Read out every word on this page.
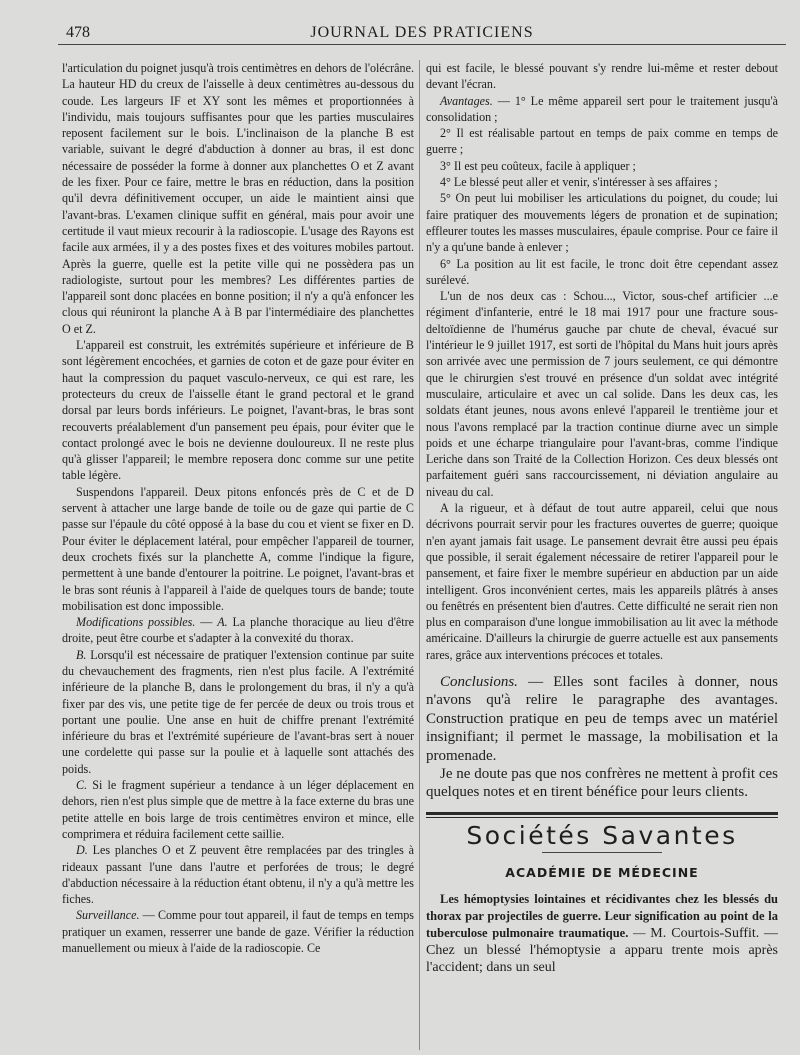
478	JOURNAL DES PRATICIENS

l'articulation du poignet jusqu'à trois centimètres en dehors de l'olécrâne. La hauteur HD du creux de l'aisselle à deux centimètres au-dessous du coude. Les largeurs IF et XY sont les mêmes et proportionnées à l'individu, mais toujours suffisantes pour que les parties musculaires reposent facilement sur le bois. L'inclinaison de la planche B est variable, suivant le degré d'abduction à donner au bras, il est donc nécessaire de posséder la forme à donner aux planchettes O et Z avant de les fixer. Pour ce faire, mettre le bras en réduction, dans la position qu'il devra définitivement occuper, un aide le maintient ainsi que l'avant-bras. L'examen clinique suffit en général, mais pour avoir une certitude il vaut mieux recourir à la radioscopie. L'usage des Rayons est facile aux armées, il y a des postes fixes et des voitures mobiles partout. Après la guerre, quelle est la petite ville qui ne possèdera pas un radiologiste, surtout pour les membres? Les différentes parties de l'appareil sont donc placées en bonne position; il n'y a qu'à enfoncer les clous qui réuniront la planche A à B par l'intermédiaire des planchettes O et Z.

L'appareil est construit, les extrémités supérieure et inférieure de B sont légèrement encochées, et garnies de coton et de gaze pour éviter en haut la compression du paquet vasculo-nerveux, ce qui est rare, les protecteurs du creux de l'aisselle étant le grand pectoral et le grand dorsal par leurs bords inférieurs. Le poignet, l'avant-bras, le bras sont recouverts préalablement d'un pansement peu épais, pour éviter que le contact prolongé avec le bois ne devienne douloureux. Il ne reste plus qu'à glisser l'appareil; le membre reposera donc comme sur une petite table légère.

Suspendons l'appareil. Deux pitons enfoncés près de C et de D servent à attacher une large bande de toile ou de gaze qui partie de C passe sur l'épaule du côté opposé à la base du cou et vient se fixer en D. Pour éviter le déplacement latéral, pour empêcher l'appareil de tourner, deux crochets fixés sur la planchette A, comme l'indique la figure, permettent à une bande d'entourer la poitrine. Le poignet, l'avant-bras et le bras sont réunis à l'appareil à l'aide de quelques tours de bande; toute mobilisation est donc impossible.

Modifications possibles. — A. La planche thoracique au lieu d'être droite, peut être courbe et s'adapter à la convexité du thorax.

B. Lorsqu'il est nécessaire de pratiquer l'extension continue par suite du chevauchement des fragments, rien n'est plus facile. A l'extrémité inférieure de la planche B, dans le prolongement du bras, il n'y a qu'à fixer par des vis, une petite tige de fer percée de deux ou trois trous et portant une poulie. Une anse en huit de chiffre prenant l'extrémité inférieure du bras et l'extrémité supérieure de l'avant-bras sert à nouer une cordelette qui passe sur la poulie et à laquelle sont attachés des poids.

C. Si le fragment supérieur a tendance à un léger déplacement en dehors, rien n'est plus simple que de mettre à la face externe du bras une petite attelle en bois large de trois centimètres environ et mince, elle comprimera et réduira facilement cette saillie.

D. Les planches O et Z peuvent être remplacées par des tringles à rideaux passant l'une dans l'autre et perforées de trous; le degré d'abduction nécessaire à la réduction étant obtenu, il n'y a qu'à mettre les fiches.

Surveillance. — Comme pour tout appareil, il faut de temps en temps pratiquer un examen, resserrer une bande de gaze. Vérifier la réduction manuellement ou mieux à l'aide de la radioscopie. Ce

qui est facile, le blessé pouvant s'y rendre lui-même et rester debout devant l'écran.

Avantages. — 1° Le même appareil sert pour le traitement jusqu'à consolidation ;

2° Il est réalisable partout en temps de paix comme en temps de guerre ;

3° Il est peu coûteux, facile à appliquer ;

4° Le blessé peut aller et venir, s'intéresser à ses affaires ;

5° On peut lui mobiliser les articulations du poignet, du coude; lui faire pratiquer des mouvements légers de pronation et de supination; effleurer toutes les masses musculaires, épaule comprise. Pour ce faire il n'y a qu'une bande à enlever ;

6° La position au lit est facile, le tronc doit être cependant assez surélevé.

L'un de nos deux cas : Schou..., Victor, sous-chef artificier ...e régiment d'infanterie, entré le 18 mai 1917 pour une fracture sous-deltoïdienne de l'humérus gauche par chute de cheval, évacué sur l'intérieur le 9 juillet 1917, est sorti de l'hôpital du Mans huit jours après son arrivée avec une permission de 7 jours seulement, ce qui démontre que le chirurgien s'est trouvé en présence d'un soldat avec intégrité musculaire, articulaire et avec un cal solide. Dans les deux cas, les soldats étant jeunes, nous avons enlevé l'appareil le trentième jour et nous l'avons remplacé par la traction continue diurne avec un simple poids et une écharpe triangulaire pour l'avant-bras, comme l'indique Leriche dans son Traité de la Collection Horizon. Ces deux blessés ont parfaitement guéri sans raccourcissement, ni déviation angulaire au niveau du cal.

A la rigueur, et à défaut de tout autre appareil, celui que nous décrivons pourrait servir pour les fractures ouvertes de guerre; quoique n'en ayant jamais fait usage. Le pansement devrait être aussi peu épais que possible, il serait également nécessaire de retirer l'appareil pour le pansement, et faire fixer le membre supérieur en abduction par un aide intelligent. Gros inconvénient certes, mais les appareils plâtrés à anses ou fenêtrés en présentent bien d'autres. Cette difficulté ne serait rien non plus en comparaison d'une longue immobilisation au lit avec la méthode américaine. D'ailleurs la chirurgie de guerre actuelle est aux pansements rares, grâce aux interventions précoces et totales.

Conclusions. — Elles sont faciles à donner, nous n'avons qu'à relire le paragraphe des avantages. Construction pratique en peu de temps avec un matériel insignifiant; il permet le massage, la mobilisation et la promenade.

Je ne doute pas que nos confrères ne mettent à profit ces quelques notes et en tirent bénéfice pour leurs clients.

Sociétés Savantes
ACADÉMIE DE MÉDECINE

Les hémoptysies lointaines et récidivantes chez les blessés du thorax par projectiles de guerre. Leur signification au point de la tuberculose pulmonaire traumatique. — M. Courtois-Suffit. — Chez un blessé l'hémoptysie a apparu trente mois après l'accident; dans un seul
